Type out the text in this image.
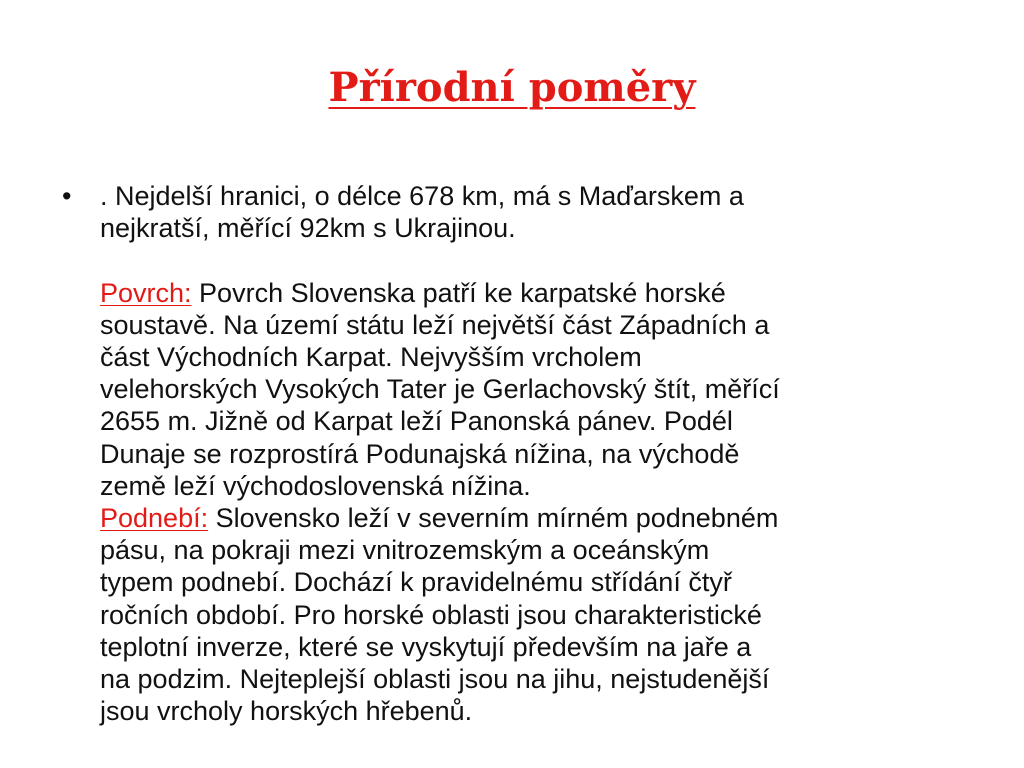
Přírodní poměry
•	. Nejdelší hranici, o délce 678 km, má s Maďarskem a
nejkratší, měřící 92km s Ukrajinou.
Povrch: Povrch Slovenska patří ke karpatské horské
soustavě. Na území státu leží největší část Západních a
část Východních Karpat. Nejvyšším vrcholem
velehorských Vysokých Tater je Gerlachovský štít, měřící
2655 m. Jižně od Karpat leží Panonská pánev. Podél
Dunaje se rozprostírá Podunajská nížina, na východě
země leží východoslovenská nížina.
Podnebí: Slovensko leží v severním mírném podnebném
pásu, na pokraji mezi vnitrozemským a oceánským
typem podnebí. Dochází k pravidelnému střídání čtyř
ročních období. Pro horské oblasti jsou charakteristické
teplotní inverze, které se vyskytují především na jaře a
na podzim. Nejteplejší oblasti jsou na jihu, nejstudenější
jsou vrcholy horských hřebenů.
